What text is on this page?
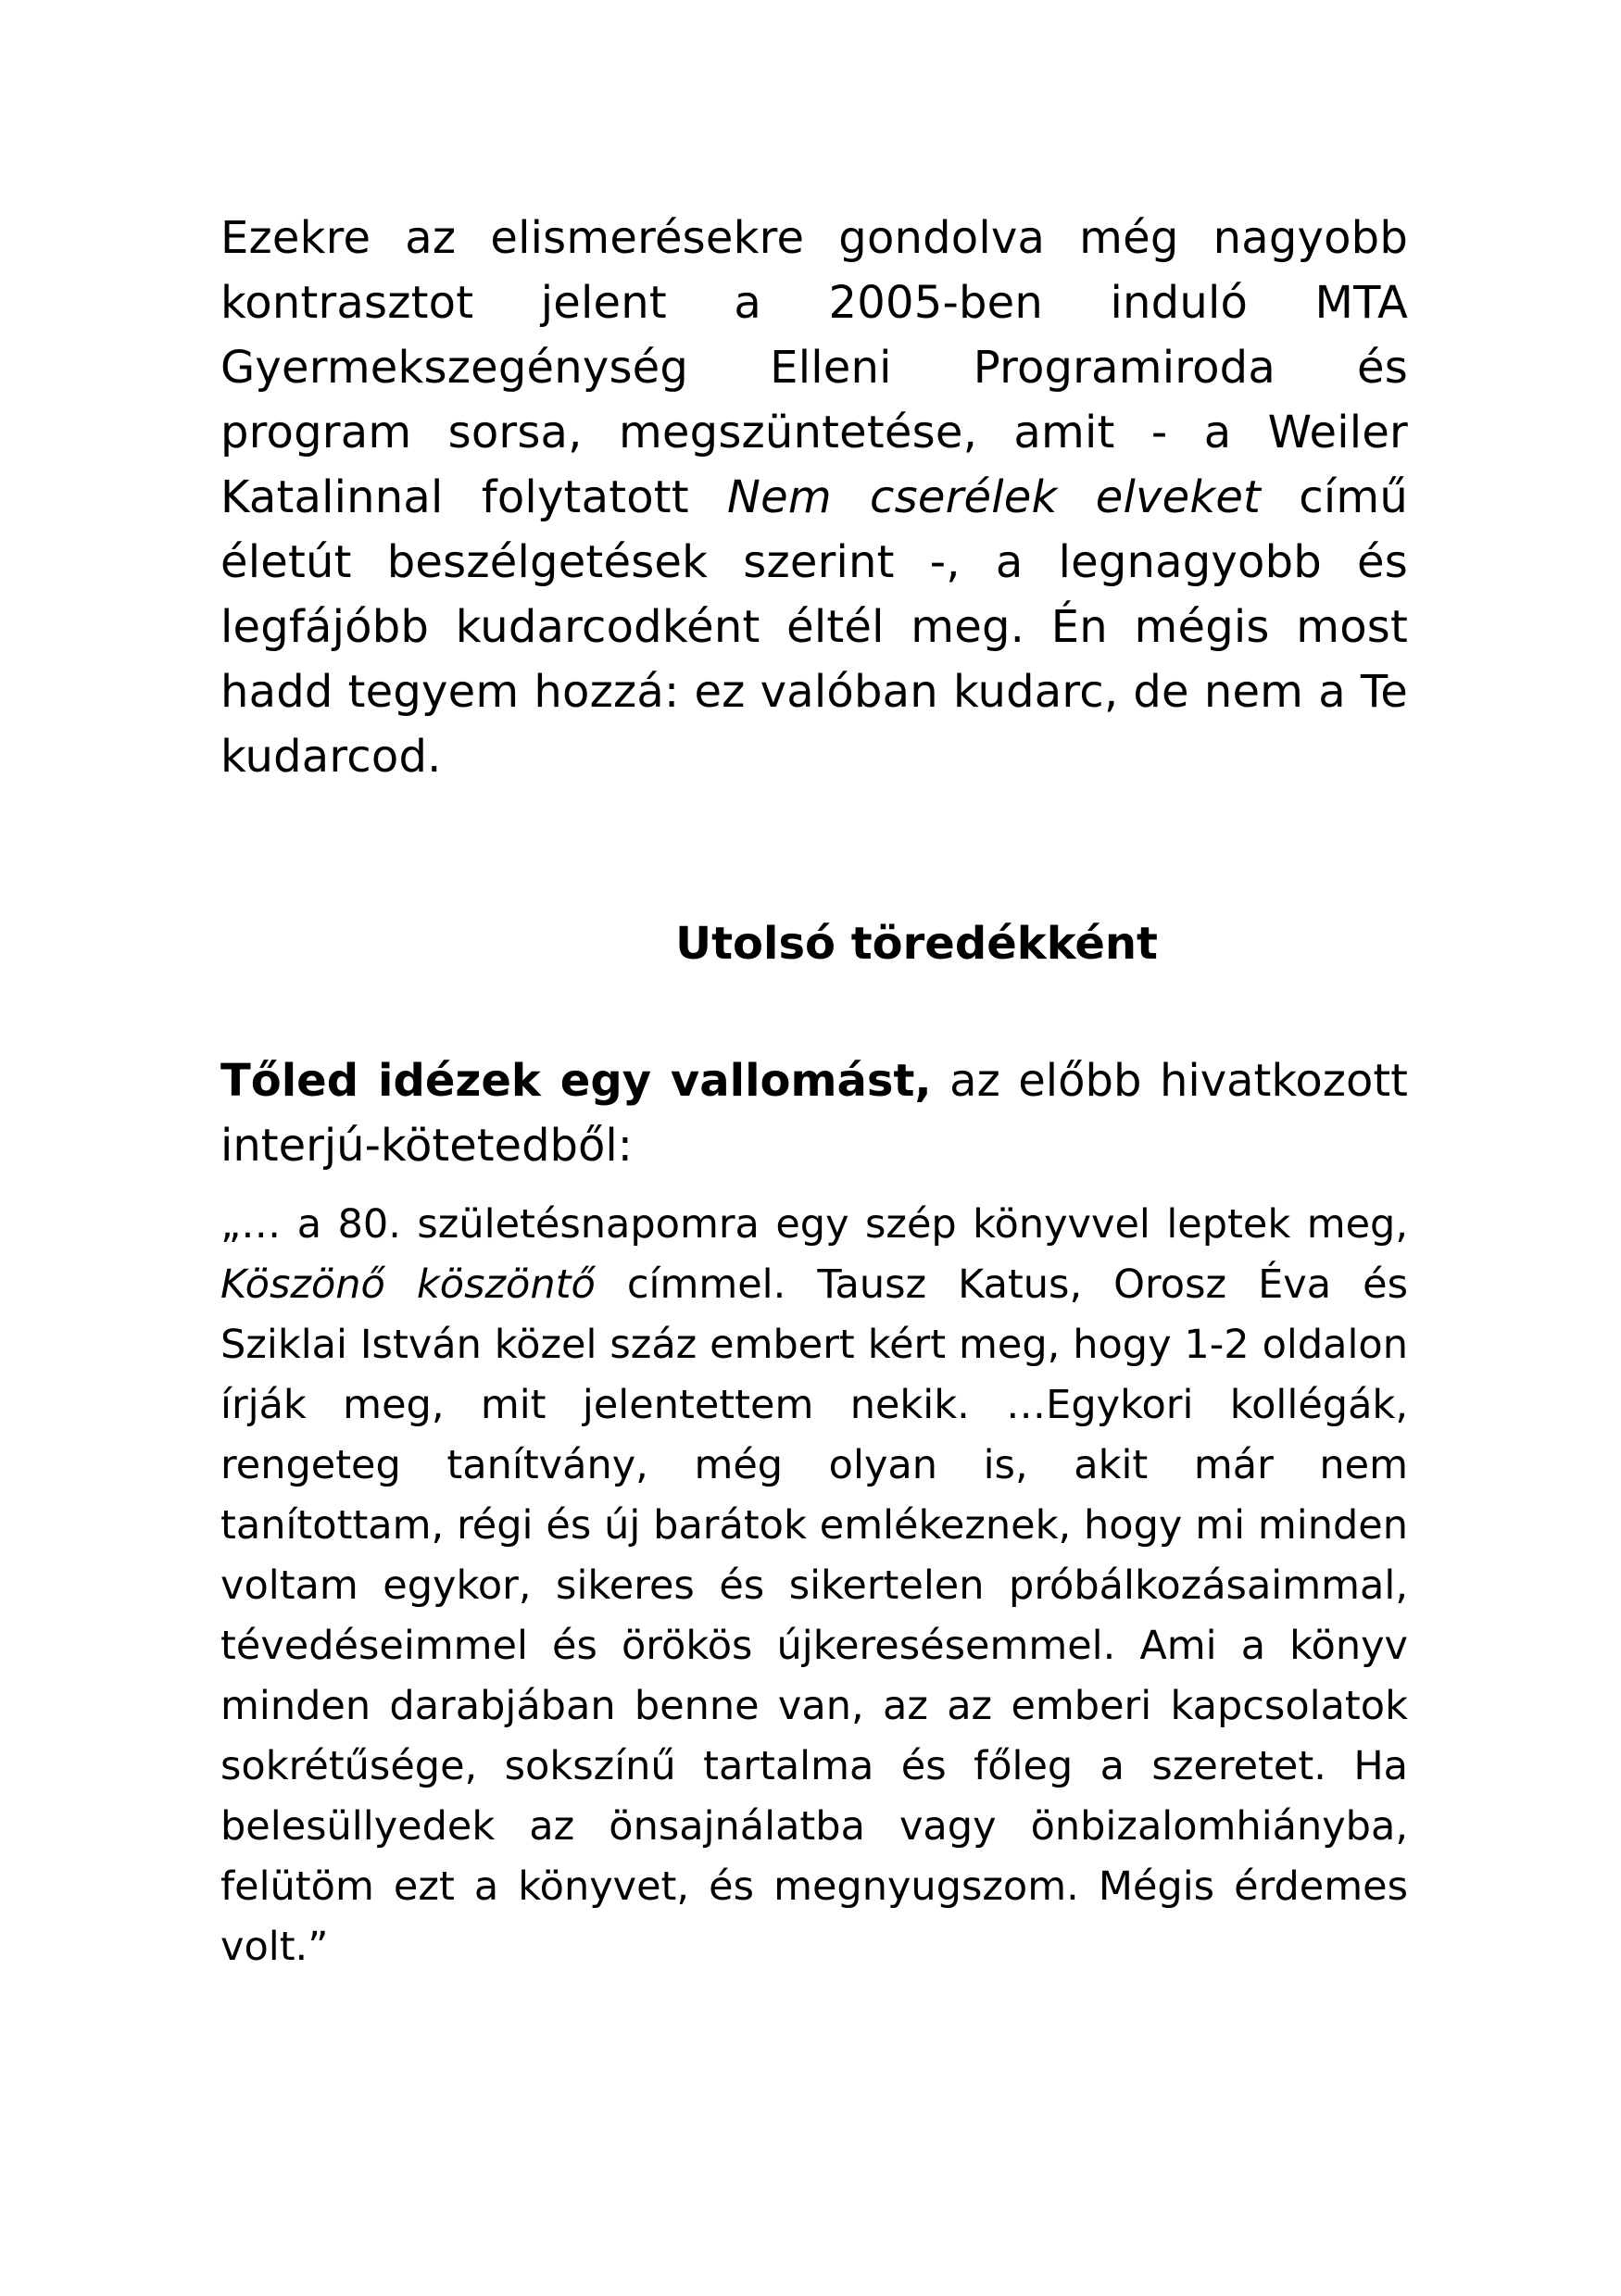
Ezekre az elismerésekre gondolva még nagyobb kontrasztot jelent a 2005-ben induló MTA Gyermekszegénység Elleni Programiroda és program sorsa, megszüntetése, amit - a Weiler Katalinnal folytatott Nem cserélek elveket című életút beszélgetések szerint -, a legnagyobb és legfájóbb kudarcodként éltél meg. Én mégis most hadd tegyem hozzá: ez valóban kudarc, de nem a Te kudarcod.

Utolsó töredékként

Tőled idézek egy vallomást, az előbb hivatkozott interjú-kötetedből:

„… a 80. születésnapomra egy szép könyvvel leptek meg, Köszönő köszöntő címmel. Tausz Katus, Orosz Éva és Sziklai István közel száz embert kért meg, hogy 1-2 oldalon írják meg, mit jelentettem nekik. …Egykori kollégák, rengeteg tanítvány, még olyan is, akit már nem tanítottam, régi és új barátok emlékeznek, hogy mi minden voltam egykor, sikeres és sikertelen próbálkozásaimmal, tévedéseimmel és örökös újkeresésemmel. Ami a könyv minden darabjában benne van, az az emberi kapcsolatok sokrétűsége, sokszínű tartalma és főleg a szeretet. Ha belesüllyedek az önsajnálatba vagy önbizalomhiányba, felütöm ezt a könyvet, és megnyugszom. Mégis érdemes volt.”
